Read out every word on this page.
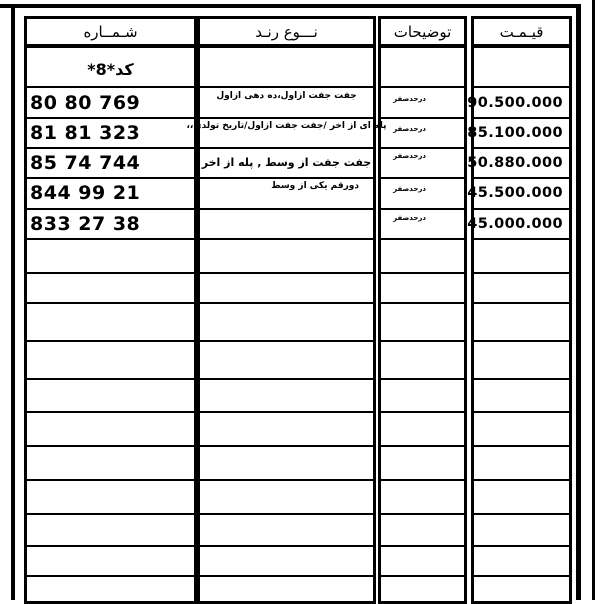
شـمــاره
کد*8*
80 80 769
81 81 323
85 74 744
844 99 21
833 27 38
نـــوع رنـد
جفت جفت ازاول،ده دهی ازاول
پله ای از اخر /جفت جفت ازاول/تاریخ تولدی،،
جفت جفت از وسط , پله از اخر
دورقم یکی از وسط
توضیحات
درحدصفر
درحدصفر
درحدصفر
درحدصفر
درحدصفر
قیـمـت
90.500.000
85.100.000
50.880.000
45.500.000
45.000.000
